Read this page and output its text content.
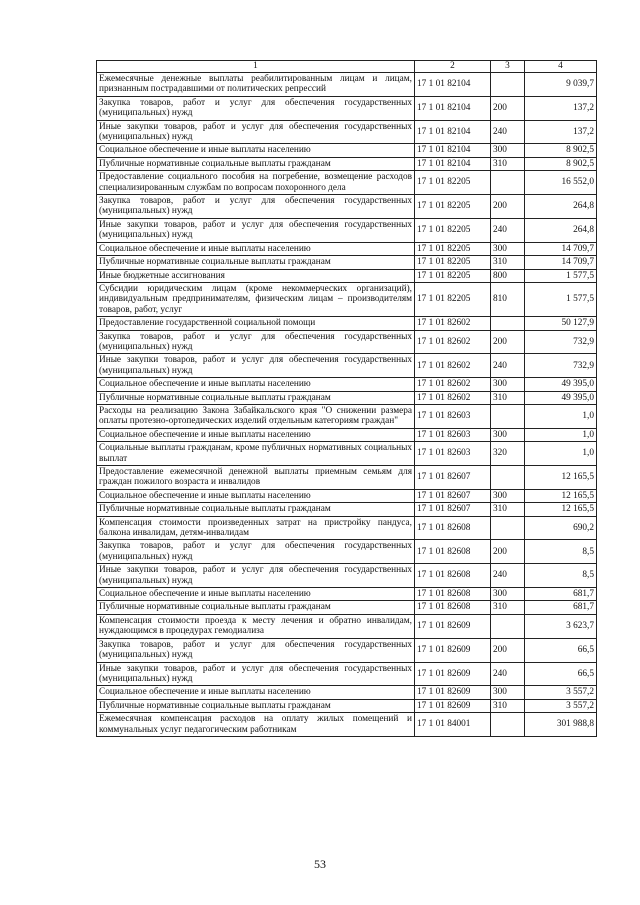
1	2	3	4
Ежемесячные денежные выплаты реабилитированным лицам и лицам, признанным пострадавшими от политических репрессий	17 1 01 82104		9 039,7
Закупка товаров, работ и услуг для обеспечения государственных (муниципальных) нужд	17 1 01 82104	200	137,2
Иные закупки товаров, работ и услуг для обеспечения государственных (муниципальных) нужд	17 1 01 82104	240	137,2
Социальное обеспечение и иные выплаты населению	17 1 01 82104	300	8 902,5
Публичные нормативные социальные выплаты гражданам	17 1 01 82104	310	8 902,5
Предоставление социального пособия на погребение, возмещение расходов специализированным службам по вопросам похоронного дела	17 1 01 82205		16 552,0
Закупка товаров, работ и услуг для обеспечения государственных (муниципальных) нужд	17 1 01 82205	200	264,8
Иные закупки товаров, работ и услуг для обеспечения государственных (муниципальных) нужд	17 1 01 82205	240	264,8
Социальное обеспечение и иные выплаты населению	17 1 01 82205	300	14 709,7
Публичные нормативные социальные выплаты гражданам	17 1 01 82205	310	14 709,7
Иные бюджетные ассигнования	17 1 01 82205	800	1 577,5
Субсидии юридическим лицам (кроме некоммерческих организаций), индивидуальным предпринимателям, физическим лицам – производителям товаров, работ, услуг	17 1 01 82205	810	1 577,5
Предоставление государственной социальной помощи	17 1 01 82602		50 127,9
Закупка товаров, работ и услуг для обеспечения государственных (муниципальных) нужд	17 1 01 82602	200	732,9
Иные закупки товаров, работ и услуг для обеспечения государственных (муниципальных) нужд	17 1 01 82602	240	732,9
Социальное обеспечение и иные выплаты населению	17 1 01 82602	300	49 395,0
Публичные нормативные социальные выплаты гражданам	17 1 01 82602	310	49 395,0
Расходы на реализацию Закона Забайкальского края "О снижении размера оплаты протезно-ортопедических изделий отдельным категориям граждан"	17 1 01 82603		1,0
Социальное обеспечение и иные выплаты населению	17 1 01 82603	300	1,0
Социальные выплаты гражданам, кроме публичных нормативных социальных выплат	17 1 01 82603	320	1,0
Предоставление ежемесячной денежной выплаты приемным семьям для граждан пожилого возраста и инвалидов	17 1 01 82607		12 165,5
Социальное обеспечение и иные выплаты населению	17 1 01 82607	300	12 165,5
Публичные нормативные социальные выплаты гражданам	17 1 01 82607	310	12 165,5
Компенсация стоимости произведенных затрат на пристройку пандуса, балкона инвалидам, детям-инвалидам	17 1 01 82608		690,2
Закупка товаров, работ и услуг для обеспечения государственных (муниципальных) нужд	17 1 01 82608	200	8,5
Иные закупки товаров, работ и услуг для обеспечения государственных (муниципальных) нужд	17 1 01 82608	240	8,5
Социальное обеспечение и иные выплаты населению	17 1 01 82608	300	681,7
Публичные нормативные социальные выплаты гражданам	17 1 01 82608	310	681,7
Компенсация стоимости проезда к месту лечения и обратно инвалидам, нуждающимся в процедурах гемодиализа	17 1 01 82609		3 623,7
Закупка товаров, работ и услуг для обеспечения государственных (муниципальных) нужд	17 1 01 82609	200	66,5
Иные закупки товаров, работ и услуг для обеспечения государственных (муниципальных) нужд	17 1 01 82609	240	66,5
Социальное обеспечение и иные выплаты населению	17 1 01 82609	300	3 557,2
Публичные нормативные социальные выплаты гражданам	17 1 01 82609	310	3 557,2
Ежемесячная компенсация расходов на оплату жилых помещений и коммунальных услуг педагогическим работникам	17 1 01 84001		301 988,8
53
